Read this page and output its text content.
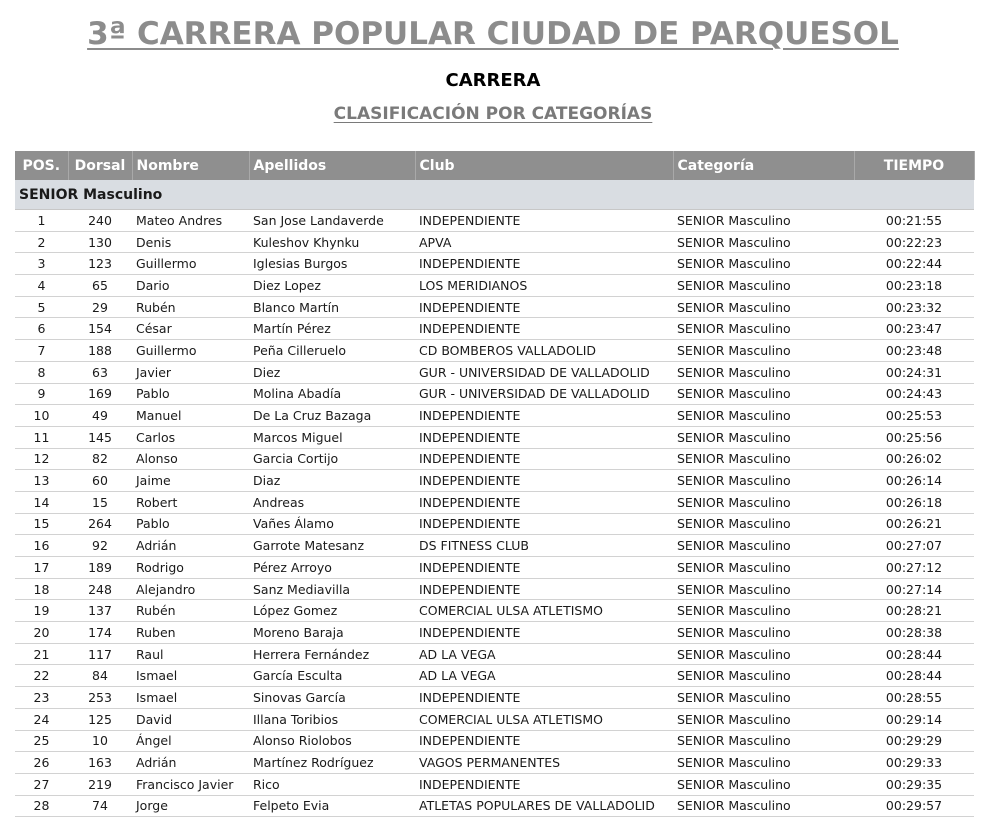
3ª CARRERA POPULAR CIUDAD DE PARQUESOL
CARRERA
CLASIFICACIÓN POR CATEGORÍAS
POS.	Dorsal	Nombre	Apellidos	Club	Categoría	TIEMPO
SENIOR Masculino						
1	240	Mateo Andres	San Jose Landaverde	INDEPENDIENTE	SENIOR Masculino	00:21:55
2	130	Denis	Kuleshov Khynku	APVA	SENIOR Masculino	00:22:23
3	123	Guillermo	Iglesias Burgos	INDEPENDIENTE	SENIOR Masculino	00:22:44
4	65	Dario	Diez Lopez	LOS MERIDIANOS	SENIOR Masculino	00:23:18
5	29	Rubén	Blanco Martín	INDEPENDIENTE	SENIOR Masculino	00:23:32
6	154	César	Martín Pérez	INDEPENDIENTE	SENIOR Masculino	00:23:47
7	188	Guillermo	Peña Cilleruelo	CD BOMBEROS VALLADOLID	SENIOR Masculino	00:23:48
8	63	Javier	Diez	GUR - UNIVERSIDAD DE VALLADOLID	SENIOR Masculino	00:24:31
9	169	Pablo	Molina Abadía	GUR - UNIVERSIDAD DE VALLADOLID	SENIOR Masculino	00:24:43
10	49	Manuel	De La Cruz Bazaga	INDEPENDIENTE	SENIOR Masculino	00:25:53
11	145	Carlos	Marcos Miguel	INDEPENDIENTE	SENIOR Masculino	00:25:56
12	82	Alonso	Garcia Cortijo	INDEPENDIENTE	SENIOR Masculino	00:26:02
13	60	Jaime	Diaz	INDEPENDIENTE	SENIOR Masculino	00:26:14
14	15	Robert	Andreas	INDEPENDIENTE	SENIOR Masculino	00:26:18
15	264	Pablo	Vañes Álamo	INDEPENDIENTE	SENIOR Masculino	00:26:21
16	92	Adrián	Garrote Matesanz	DS FITNESS CLUB	SENIOR Masculino	00:27:07
17	189	Rodrigo	Pérez Arroyo	INDEPENDIENTE	SENIOR Masculino	00:27:12
18	248	Alejandro	Sanz Mediavilla	INDEPENDIENTE	SENIOR Masculino	00:27:14
19	137	Rubén	López Gomez	COMERCIAL ULSA ATLETISMO	SENIOR Masculino	00:28:21
20	174	Ruben	Moreno Baraja	INDEPENDIENTE	SENIOR Masculino	00:28:38
21	117	Raul	Herrera Fernández	AD LA VEGA	SENIOR Masculino	00:28:44
22	84	Ismael	García Esculta	AD LA VEGA	SENIOR Masculino	00:28:44
23	253	Ismael	Sinovas García	INDEPENDIENTE	SENIOR Masculino	00:28:55
24	125	David	Illana Toribios	COMERCIAL ULSA ATLETISMO	SENIOR Masculino	00:29:14
25	10	Ángel	Alonso Riolobos	INDEPENDIENTE	SENIOR Masculino	00:29:29
26	163	Adrián	Martínez Rodríguez	VAGOS PERMANENTES	SENIOR Masculino	00:29:33
27	219	Francisco Javier	Rico	INDEPENDIENTE	SENIOR Masculino	00:29:35
28	74	Jorge	Felpeto Evia	ATLETAS POPULARES DE VALLADOLID	SENIOR Masculino	00:29:57
